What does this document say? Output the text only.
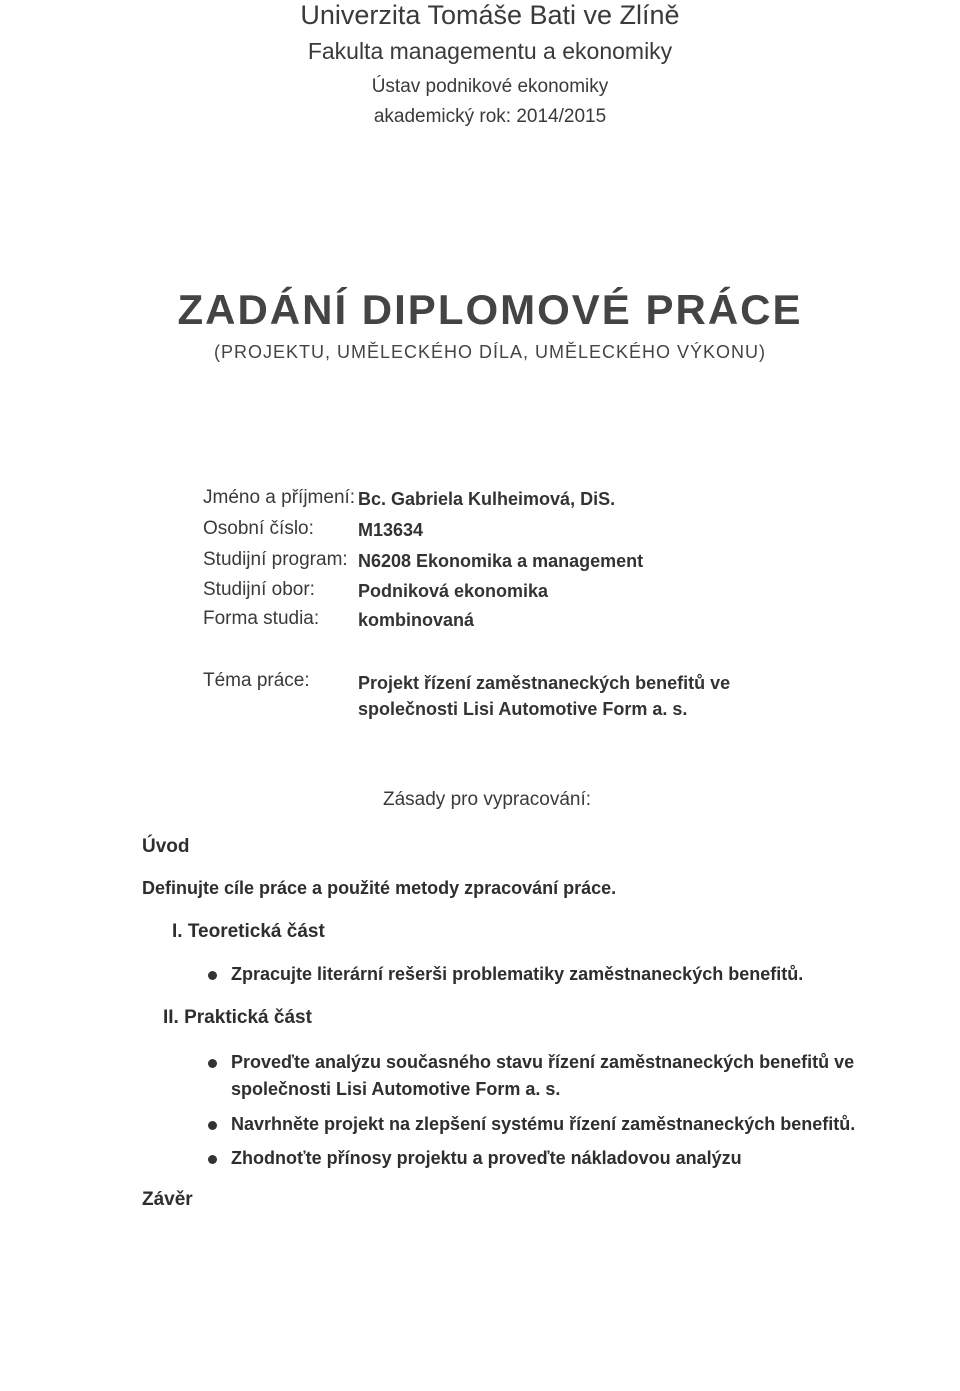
Univerzita Tomáše Bati ve Zlíně
Fakulta managementu a ekonomiky
Ústav podnikové ekonomiky
akademický rok: 2014/2015
ZADÁNÍ DIPLOMOVÉ PRÁCE
(PROJEKTU, UMĚLECKÉHO DÍLA, UMĚLECKÉHO VÝKONU)
Jméno a příjmení: Bc. Gabriela Kulheimová, DiS.
Osobní číslo: M13634
Studijní program: N6208 Ekonomika a management
Studijní obor: Podniková ekonomika
Forma studia: kombinovaná
Téma práce:	Projekt řízení zaměstnaneckých benefitů ve
společnosti Lisi Automotive Form a. s.
Zásady pro vypracování:
Úvod
Definujte cíle práce a použité metody zpracování práce.
I. Teoretická část
Zpracujte literární rešerši problematiky zaměstnaneckých benefitů.
II. Praktická část
Proveďte analýzu současného stavu řízení zaměstnaneckých benefitů ve
společnosti Lisi Automotive Form a. s.
Navrhněte projekt na zlepšení systému řízení zaměstnaneckých benefitů.
Zhodnoťte přínosy projektu a proveďte nákladovou analýzu
Závěr
